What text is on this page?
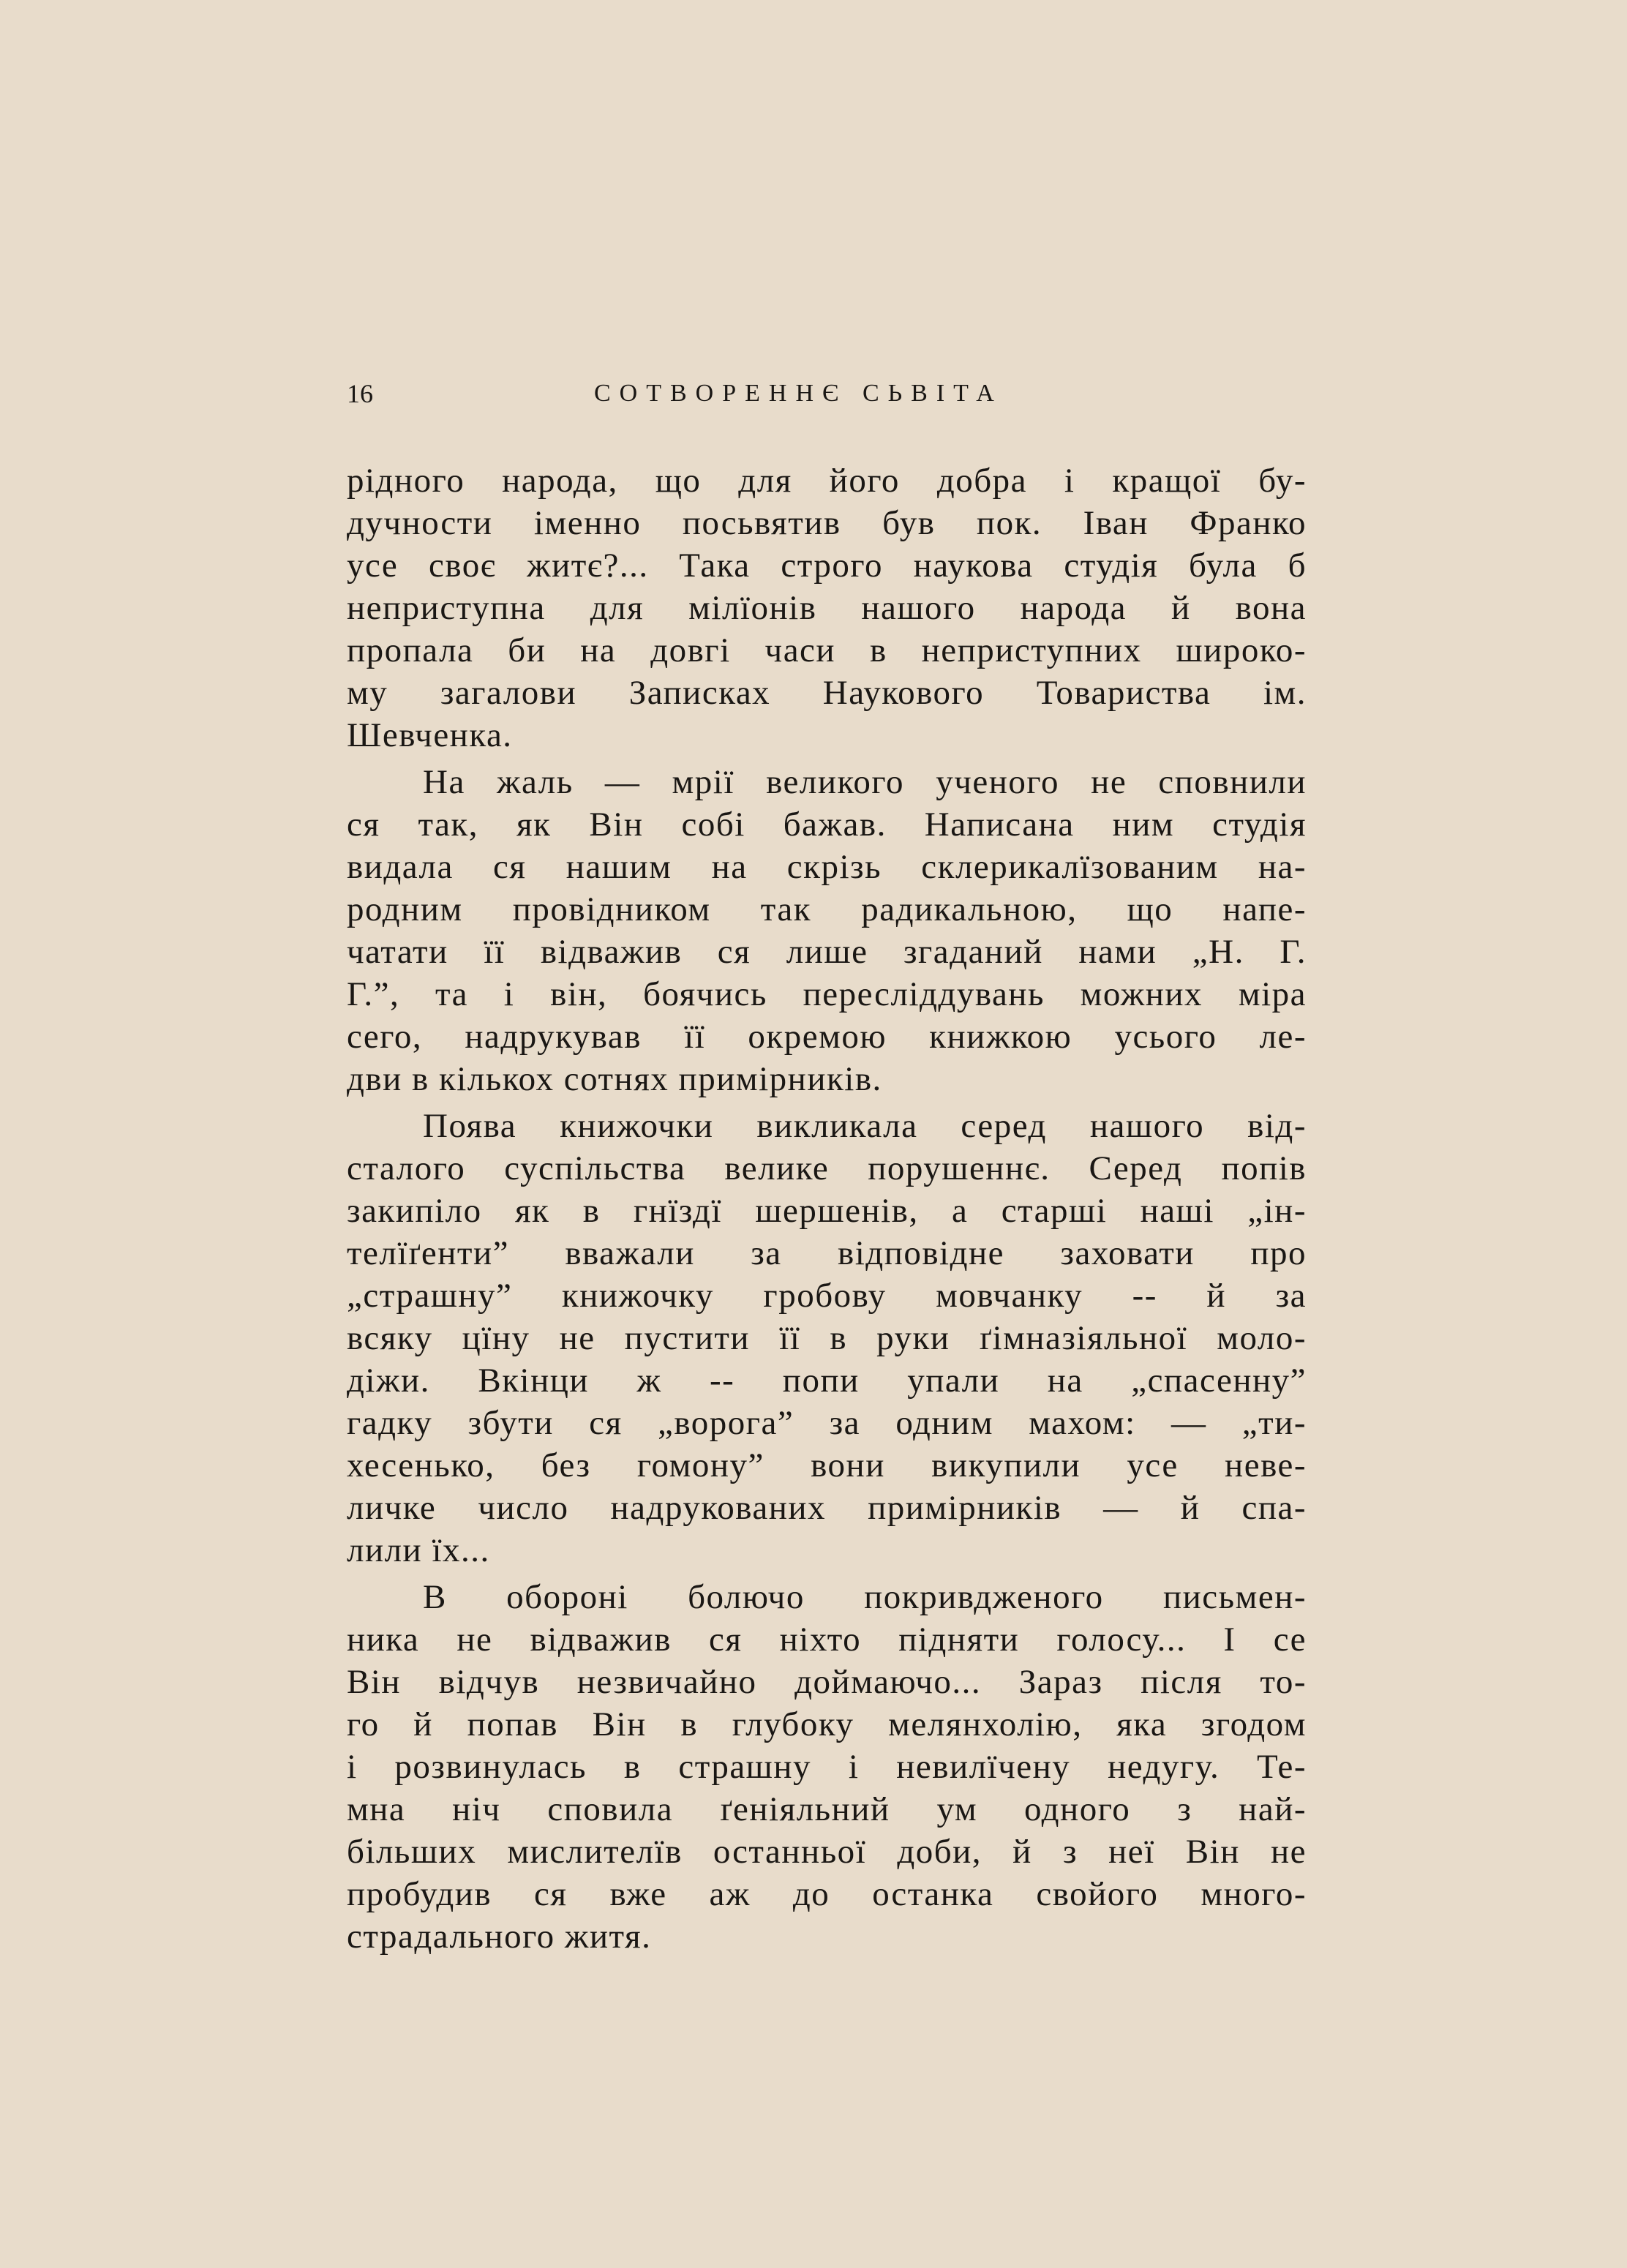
16	СОТВОРЕННЄ СЬВІТА

рідного народа, що для його добра і кращої бу-
дучности іменно посьвятив був пок. Іван Франко
усе своє житє?... Така строго наукова студія була б
неприступна для мілїонів нашого народа й вона
пропала би на довгі часи в неприступних широко-
му загалови Записках Наукового Товариства ім.
Шевченка.

На жаль — мрії великого ученого не сповнили
ся так, як Він собі бажав. Написана ним студія
видала ся нашим на скрізь склерикалїзованим на-
родним провідником так радикальною, що напе-
чатати її відважив ся лише згаданий нами „Н. Г.
Г.”, та і він, боячись пересліддувань можних міра
сего, надрукував її окремою книжкою усього ле-
дви в кількох сотнях примірників.

Поява книжочки викликала серед нашого від-
сталого суспільства велике порушеннє. Серед попів
закипіло як в гнїздї шершенів, а старші наші „ін-
телїґенти” вважали за відповідне заховати про
„страшну” книжочку гробову мовчанку -- й за
всяку цїну не пустити її в руки ґімназіяльної моло-
діжи. Вкінци ж -- попи упали на „спасенну”
гадку збути ся „ворога” за одним махом: — „ти-
хесенько, без гомону” вони викупили усе неве-
личке число надрукованих примірників — й спа-
лили їх...

В обороні болючо покривдженого письмен-
ника не відважив ся ніхто підняти голосу... І се
Він відчув незвичайно доймаючо... Зараз після то-
го й попав Він в глубоку мелянхолію, яка згодом
і розвинулась в страшну і невилїчену недугу. Те-
мна ніч сповила ґеніяльний ум одного з най-
більших мислителїв останньої доби, й з неї Він не
пробудив ся вже аж до останка свойого много-
страдального житя.
